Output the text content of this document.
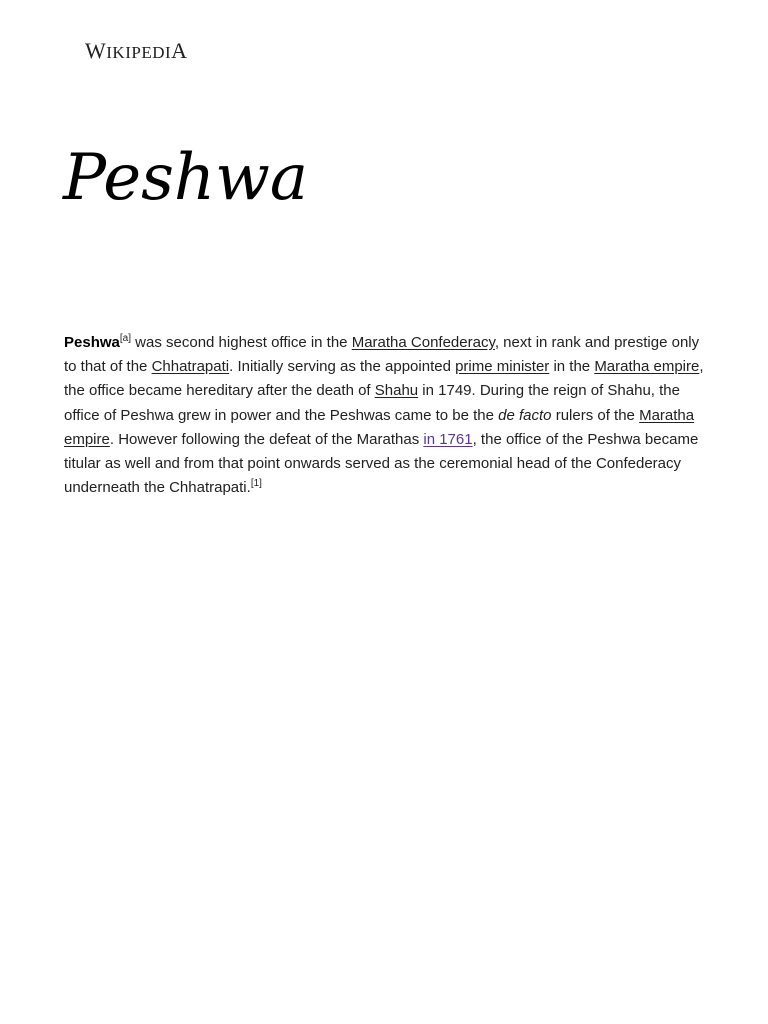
WIKIPEDIA
Peshwa

Peshwa[a] was second highest office in the Maratha Confederacy, next in rank and prestige only to that of the Chhatrapati. Initially serving as the appointed prime minister in the Maratha empire, the office became hereditary after the death of Shahu in 1749. During the reign of Shahu, the office of Peshwa grew in power and the Peshwas came to be the de facto rulers of the Maratha empire. However following the defeat of the Marathas in 1761, the office of the Peshwa became titular as well and from that point onwards served as the ceremonial head of the Confederacy underneath the Chhatrapati.[1]
